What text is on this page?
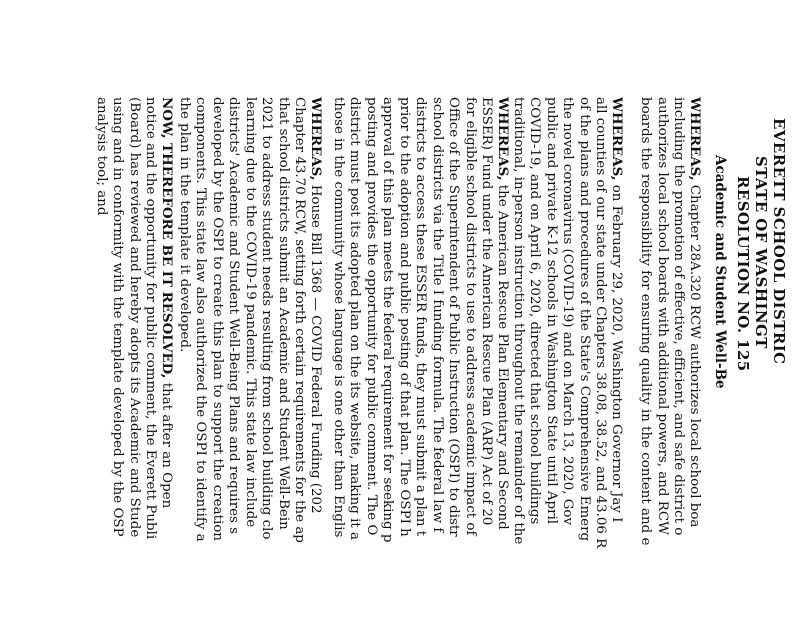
EVERETT SCHOOL DISTRIC
STATE OF WASHINGT
RESOLUTION NO. 125
Academic and Student Well-Be
WHEREAS, Chapter 28A.320 RCW authorizes local school boa
including the promotion of effective, efficient, and safe district o
authorizes local school boards with additional powers, and RCW
boards the responsibility for ensuring quality in the content and e
WHEREAS, on February 29, 2020, Washington Governor Jay I
all counties of our state under Chapters 38.08, 38.52, and 43.06 R
of the plans and procedures of the State's Comprehensive Emerg
the novel coronavirus (COVID-19) and on March 13, 2020, Gov
public and private K-12 schools in Washington State until April
COVID-19, and on April 6, 2020, directed that school buildings
traditional, in-person instruction throughout the remainder of the
WHEREAS, the American Rescue Plan Elementary and Second
ESSER) Fund under the American Rescue Plan (ARP) Act of 20
for eligible school districts to use to address academic impact of
Office of the Superintendent of Public Instruction (OSPI) to distr
school districts via the Title I funding formula. The federal law f
districts to access these ESSER funds, they must submit a plan t
prior to the adoption and public posting of that plan. The OSPI h
approval of this plan meets the federal requirement for seeking p
posting and provides the opportunity for public comment. The O
district must post its adopted plan on the its website, making it a
those in the community whose language is one other than Englis
WHEREAS, House Bill 1368 — COVID Federal Funding (202
Chapter 43.70 RCW, setting forth certain requirements for the ap
that school districts submit an Academic and Student Well-Bein
2021 to address student needs resulting from school building clo
learning due to the COVID-19 pandemic. This state law include
districts' Academic and Student Well-Being Plans and requires s
developed by the OSPI to create this plan to support the creation
components. This state law also authorized the OSPI to identify a
the plan in the template it developed.
NOW, THEREFORE BE IT RESOLVED, that after an Open
notice and the opportunity for public comment, the Everett Publi
(Board) has reviewed and hereby adopts its Academic and Stude
using and in conformity with the template developed by the OSP
analysis tool; and
